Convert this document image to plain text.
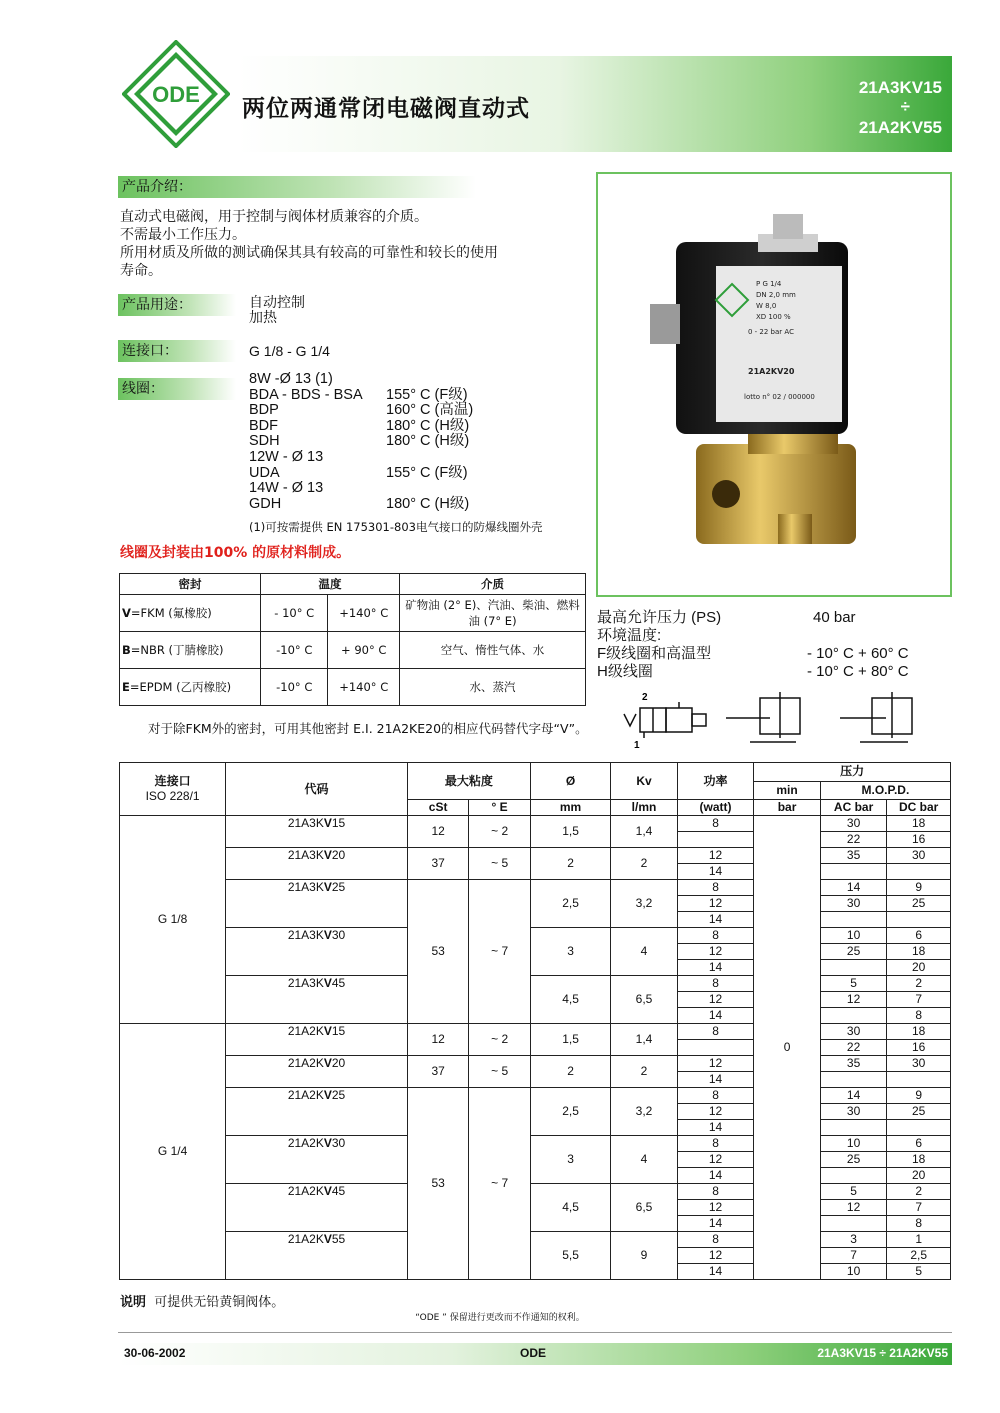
ODE
两位两通常闭电磁阀直动式
21A3KV15
÷
21A2KV55
产品介绍：
直动式电磁阀，用于控制与阀体材质兼容的介质。
不需最小工作压力。
所用材质及所做的测试确保其具有较高的可靠性和较长的使用
寿命。
产品用途：	自动控制
加热
连接口：	G 1/8 - G 1/4
线圈：
8W -Ø 13 (1)
BDA - BDS - BSA 155° C (F级)
BDP	160° C (高温)
BDF	180° C (H级)
SDH	180° C (H级)
12W - Ø 13
UDA	155° C (F级)
14W - Ø 13
GDH	180° C (H级)
(1)可按需提供 EN 175301-803电气接口的防爆线圈外壳
线圈及封装由100% 的原材料制成。
密封	温度		介质
V=FKM (氟橡胶)	- 10° C	+140° C	矿物油 (2° E)、汽油、柴油、燃料油 (7° E)
B=NBR (丁腈橡胶)	-10° C	+ 90° C	空气、惰性气体、水
E=EPDM (乙丙橡胶)	-10° C	+140° C	水、蒸汽
对于除FKM外的密封，可用其他密封 E.I. 21A2KE20的相应代码替代字母“V”。
P G 1/4
DN 2,0 mm
W 8,0
XD 100 %
0 - 22 bar AC
21A2KV20
lotto n° 02 / 000000
最高允许压力 (PS)	40 bar
环境温度:
F级线圈和高温型	- 10° C + 60° C
H级线圈	- 10° C + 80° C
2
1
连接口
ISO 228/1	代码	最大粘度		Ø	Kv	功率	压力		
							min	M.O.P.D.	
		cSt	° E	mm	l/mn	(watt)	bar	AC bar	DC bar
G 1/8	21A3KV15	12	~ 2	1,5	1,4	8	0	30	18
								22	16
	21A3KV20	37	~ 5	2	2	12		35	30
						14			
	21A3KV25	53	~ 7	2,5	3,2	8		14	9
						12		30	25
						14			
	21A3KV30			3	4	8		10	6
						12		25	18
						14			20
	21A3KV45			4,5	6,5	8		5	2
						12		12	7
						14			8
G 1/4	21A2KV15	12	~ 2	1,5	1,4	8		30	18
								22	16
	21A2KV20	37	~ 5	2	2	12		35	30
						14			
	21A2KV25	53	~ 7	2,5	3,2	8		14	9
						12		30	25
						14			
	21A2KV30			3	4	8		10	6
						12		25	18
						14			20
	21A2KV45			4,5	6,5	8		5	2
						12		12	7
						14			8
	21A2KV55			5,5	9	8		3	1
						12		7	2,5
						14		10	5
说明 可提供无铅黄铜阀体。
“ODE ” 保留进行更改而不作通知的权利。
30-06-2002	ODE	21A3KV15 ÷ 21A2KV55
